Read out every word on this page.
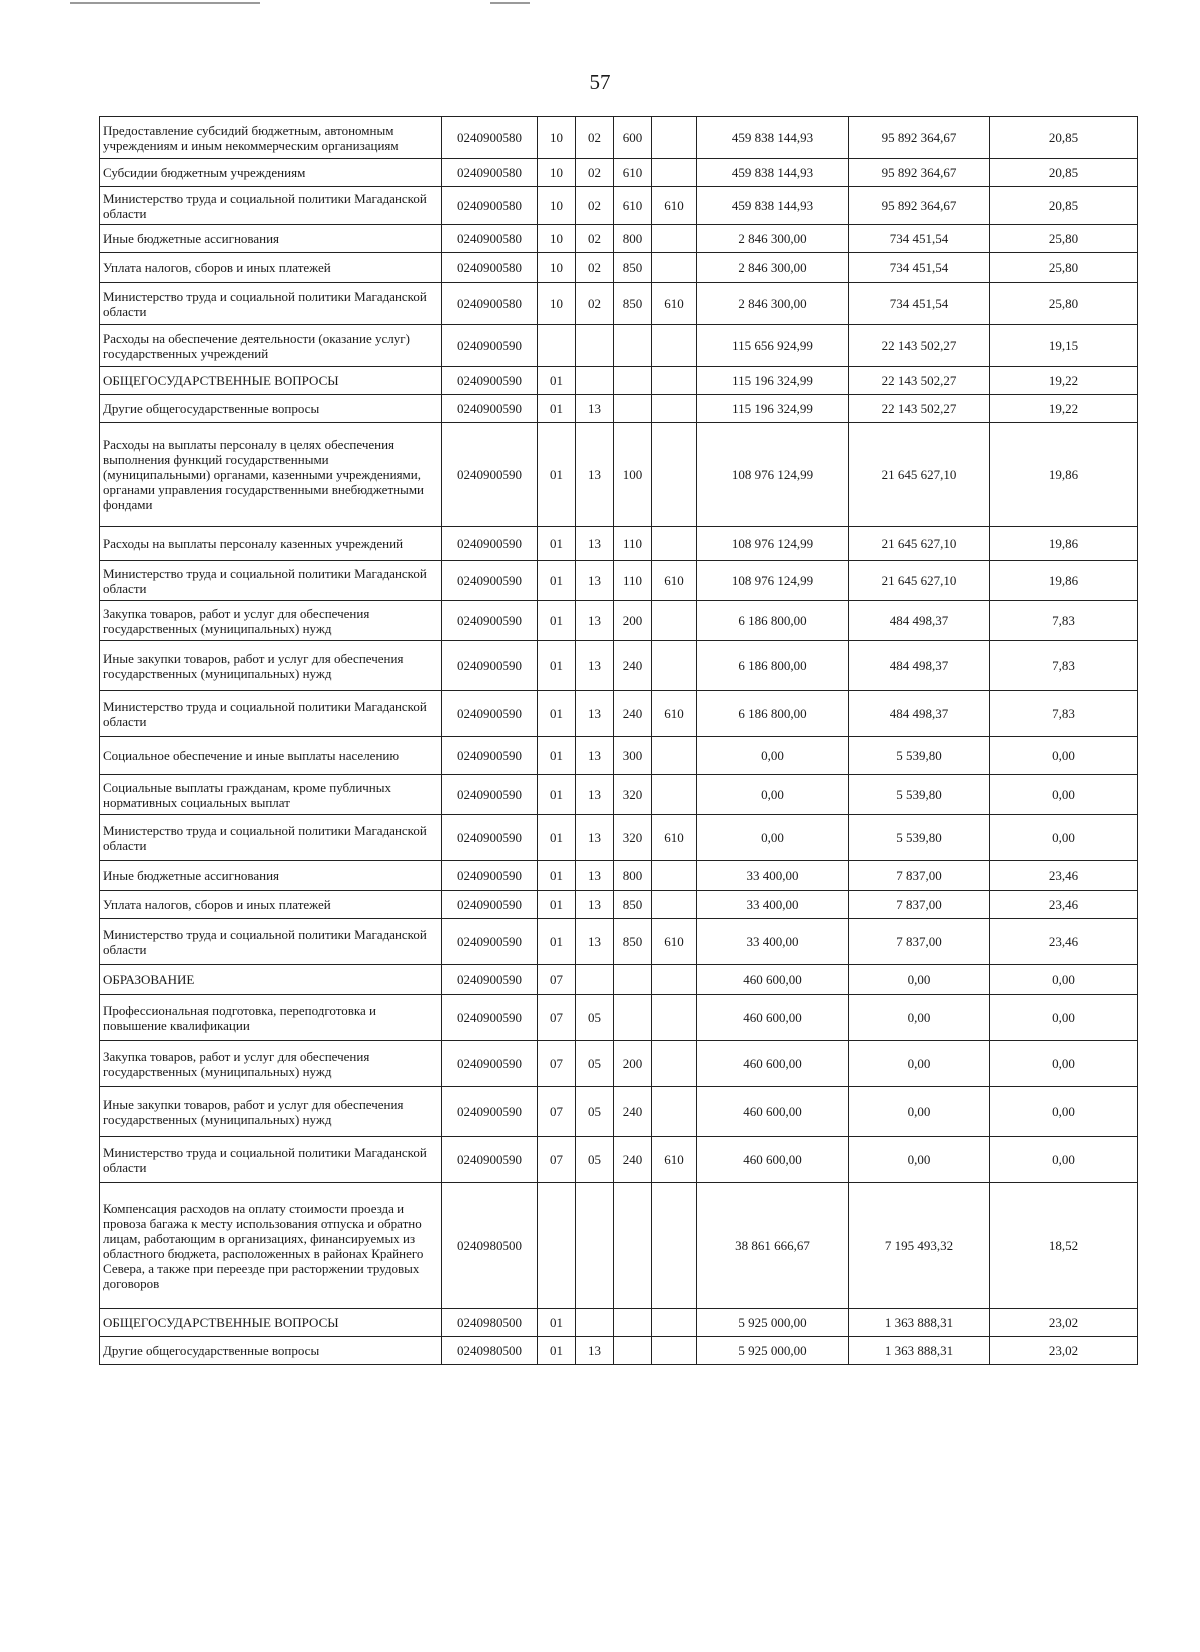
57
Предоставление субсидий бюджетным, автономным учреждениям и иным некоммерческим организациям	0240900580	10	02	600		459 838 144,93	95 892 364,67	20,85
Субсидии бюджетным учреждениям	0240900580	10	02	610		459 838 144,93	95 892 364,67	20,85
Министерство труда и социальной политики Магаданской области	0240900580	10	02	610	610	459 838 144,93	95 892 364,67	20,85
Иные бюджетные ассигнования	0240900580	10	02	800		2 846 300,00	734 451,54	25,80
Уплата налогов, сборов и иных платежей	0240900580	10	02	850		2 846 300,00	734 451,54	25,80
Министерство труда и социальной политики Магаданской области	0240900580	10	02	850	610	2 846 300,00	734 451,54	25,80
Расходы на обеспечение деятельности (оказание услуг) государственных учреждений	0240900590					115 656 924,99	22 143 502,27	19,15
ОБЩЕГОСУДАРСТВЕННЫЕ ВОПРОСЫ	0240900590	01				115 196 324,99	22 143 502,27	19,22
Другие общегосударственные вопросы	0240900590	01	13			115 196 324,99	22 143 502,27	19,22
Расходы на выплаты персоналу в целях обеспечения выполнения функций государственными (муниципальными) органами, казенными учреждениями, органами управления государственными внебюджетными фондами	0240900590	01	13	100		108 976 124,99	21 645 627,10	19,86
Расходы на выплаты персоналу казенных учреждений	0240900590	01	13	110		108 976 124,99	21 645 627,10	19,86
Министерство труда и социальной политики Магаданской области	0240900590	01	13	110	610	108 976 124,99	21 645 627,10	19,86
Закупка товаров, работ и услуг для обеспечения государственных (муниципальных) нужд	0240900590	01	13	200		6 186 800,00	484 498,37	7,83
Иные закупки товаров, работ и услуг для обеспечения государственных (муниципальных) нужд	0240900590	01	13	240		6 186 800,00	484 498,37	7,83
Министерство труда и социальной политики Магаданской области	0240900590	01	13	240	610	6 186 800,00	484 498,37	7,83
Социальное обеспечение и иные выплаты населению	0240900590	01	13	300		0,00	5 539,80	0,00
Социальные выплаты гражданам, кроме публичных нормативных социальных выплат	0240900590	01	13	320		0,00	5 539,80	0,00
Министерство труда и социальной политики Магаданской области	0240900590	01	13	320	610	0,00	5 539,80	0,00
Иные бюджетные ассигнования	0240900590	01	13	800		33 400,00	7 837,00	23,46
Уплата налогов, сборов и иных платежей	0240900590	01	13	850		33 400,00	7 837,00	23,46
Министерство труда и социальной политики Магаданской области	0240900590	01	13	850	610	33 400,00	7 837,00	23,46
ОБРАЗОВАНИЕ	0240900590	07				460 600,00	0,00	0,00
Профессиональная подготовка, переподготовка и повышение квалификации	0240900590	07	05			460 600,00	0,00	0,00
Закупка товаров, работ и услуг для обеспечения государственных (муниципальных) нужд	0240900590	07	05	200		460 600,00	0,00	0,00
Иные закупки товаров, работ и услуг для обеспечения государственных (муниципальных) нужд	0240900590	07	05	240		460 600,00	0,00	0,00
Министерство труда и социальной политики Магаданской области	0240900590	07	05	240	610	460 600,00	0,00	0,00
Компенсация расходов на оплату стоимости проезда и провоза багажа к месту использования отпуска и обратно лицам, работающим в организациях, финансируемых из областного бюджета, расположенных в районах Крайнего Севера, а также при переезде при расторжении трудовых договоров	0240980500					38 861 666,67	7 195 493,32	18,52
ОБЩЕГОСУДАРСТВЕННЫЕ ВОПРОСЫ	0240980500	01				5 925 000,00	1 363 888,31	23,02
Другие общегосударственные вопросы	0240980500	01	13			5 925 000,00	1 363 888,31	23,02
